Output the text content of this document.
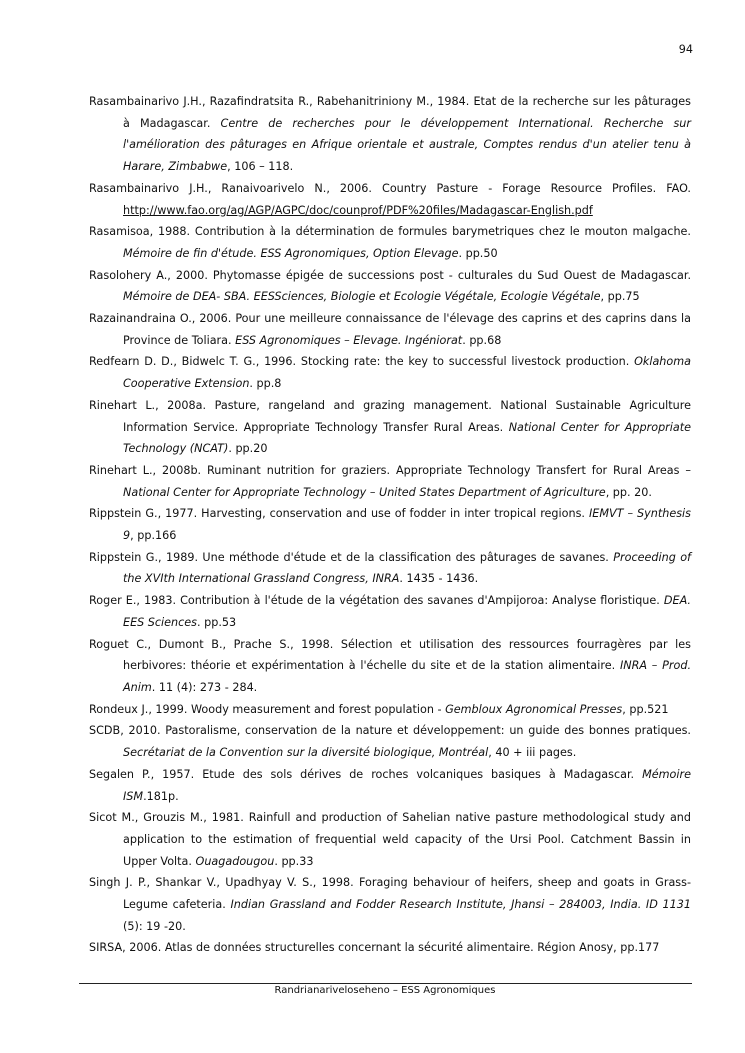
94

Rasambainarivo J.H., Razafindratsita R., Rabehanitriniony M., 1984. Etat de la recherche sur les pâturages à Madagascar. Centre de recherches pour le développement International. Recherche sur l'amélioration des pâturages en Afrique orientale et australe, Comptes rendus d'un atelier tenu à Harare, Zimbabwe, 106 – 118.

Rasambainarivo J.H., Ranaivoarivelo N., 2006. Country Pasture - Forage Resource Profiles. FAO. http://www.fao.org/ag/AGP/AGPC/doc/counprof/PDF%20files/Madagascar-English.pdf

Rasamisoa, 1988. Contribution à la détermination de formules barymetriques chez le mouton malgache. Mémoire de fin d'étude. ESS Agronomiques, Option Elevage. pp.50

Rasolohery A., 2000. Phytomasse épigée de successions post - culturales du Sud Ouest de Madagascar. Mémoire de DEA- SBA. EESSciences, Biologie et Ecologie Végétale, Ecologie Végétale, pp.75

Razainandraina O., 2006. Pour une meilleure connaissance de l'élevage des caprins et des caprins dans la Province de Toliara. ESS Agronomiques – Elevage. Ingéniorat. pp.68

Redfearn D. D., Bidwelc T. G., 1996. Stocking rate: the key to successful livestock production. Oklahoma Cooperative Extension. pp.8

Rinehart L., 2008a. Pasture, rangeland and grazing management. National Sustainable Agriculture Information Service. Appropriate Technology Transfer Rural Areas. National Center for Appropriate Technology (NCAT). pp.20

Rinehart L., 2008b. Ruminant nutrition for graziers. Appropriate Technology Transfert for Rural Areas – National Center for Appropriate Technology – United States Department of Agriculture, pp. 20.

Rippstein G., 1977. Harvesting, conservation and use of fodder in inter tropical regions. IEMVT – Synthesis 9, pp.166

Rippstein G., 1989. Une méthode d'étude et de la classification des pâturages de savanes. Proceeding of the XVIth International Grassland Congress, INRA. 1435 - 1436.

Roger E., 1983. Contribution à l'étude de la végétation des savanes d'Ampijoroa: Analyse floristique. DEA. EES Sciences. pp.53

Roguet C., Dumont B., Prache S., 1998. Sélection et utilisation des ressources fourragères par les herbivores: théorie et expérimentation à l'échelle du site et de la station alimentaire. INRA – Prod. Anim. 11 (4): 273 - 284.

Rondeux J., 1999. Woody measurement and forest population - Gembloux Agronomical Presses, pp.521

SCDB, 2010. Pastoralisme, conservation de la nature et développement: un guide des bonnes pratiques. Secrétariat de la Convention sur la diversité biologique, Montréal, 40 + iii pages.

Segalen P., 1957. Etude des sols dérives de roches volcaniques basiques à Madagascar. Mémoire ISM.181p.

Sicot M., Grouzis M., 1981. Rainfull and production of Sahelian native pasture methodological study and application to the estimation of frequential weld capacity of the Ursi Pool. Catchment Bassin in Upper Volta. Ouagadougou. pp.33

Singh J. P., Shankar V., Upadhyay V. S., 1998. Foraging behaviour of heifers, sheep and goats in Grass-Legume cafeteria. Indian Grassland and Fodder Research Institute, Jhansi – 284003, India. ID 1131 (5): 19 -20.

SIRSA, 2006. Atlas de données structurelles concernant la sécurité alimentaire. Région Anosy, pp.177

Randrianariveloseheno – ESS Agronomiques
